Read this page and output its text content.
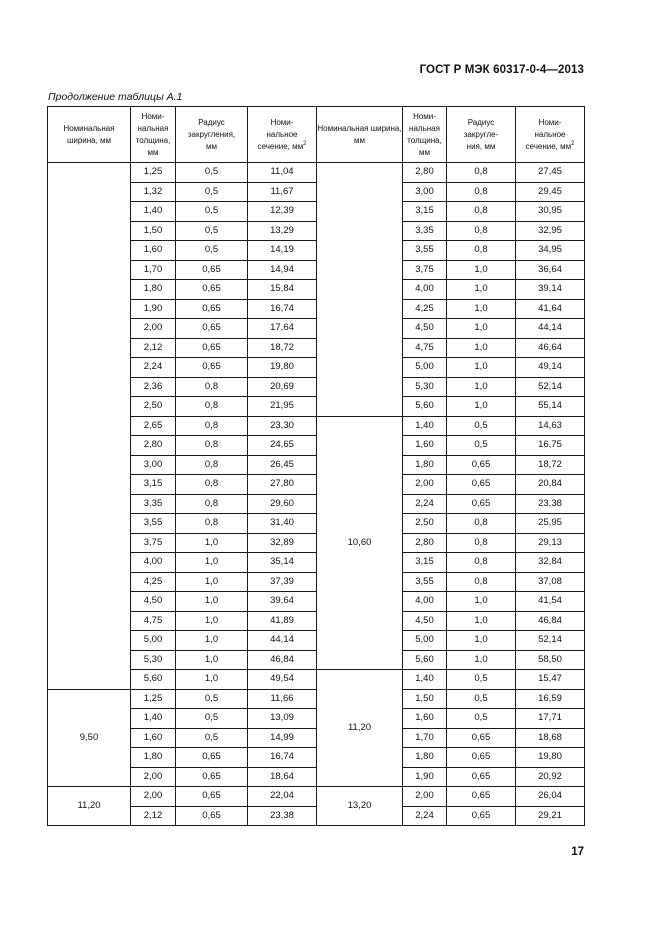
ГОСТ Р МЭК 60317-0-4—2013
Продолжение таблицы А.1
Номинальная ширина, мм	Номи-
нальная
толщина,
мм	Радиус
закругления,
мм	Номи-
нальное
сечение, $мм^2$	Номинальная ширина, мм	Номи-
нальная
толщина,
мм	Радиус
закругле-
ния, мм	Номи-
нальное
сечение, $мм^2$
	1,25	0,5	11,04		2,80	0,8	27,45
	1,32	0,5	11,67		3,00	0,8	29,45
	1,40	0,5	12,39		3,15	0,8	30,95
	1,50	0,5	13,29		3,35	0,8	32,95
	1,60	0,5	14,19		3,55	0,8	34,95
	1,70	0,65	14,94		3,75	1,0	36,64
	1,80	0,65	15,84		4,00	1,0	39,14
	1,90	0,65	16,74		4,25	1,0	41,64
	2,00	0,65	17,64		4,50	1,0	44,14
	2,12	0,65	18,72		4,75	1,0	46,64
	2,24	0,65	19,80		5,00	1,0	49,14
	2,36	0,8	20,69		5,30	1,0	52,14
	2,50	0,8	21,95		5,60	1,0	55,14
	2,65	0,8	23,30	10,60	1,40	0,5	14,63
	2,80	0,8	24,65		1,60	0,5	16,75
	3,00	0,8	26,45		1,80	0,65	18,72
	3,15	0,8	27,80		2,00	0,65	20,84
	3,35	0,8	29,60		2,24	0,65	23,38
	3,55	0,8	31,40		2,50	0,8	25,95
	3,75	1,0	32,89		2,80	0,8	29,13
	4,00	1,0	35,14		3,15	0,8	32,84
	4,25	1,0	37,39		3,55	0,8	37,08
	4,50	1,0	39,64		4,00	1,0	41,54
	4,75	1,0	41,89		4,50	1,0	46,84
	5,00	1,0	44,14		5,00	1,0	52,14
	5,30	1,0	46,84		5,60	1,0	58,50
	5,60	1,0	49,54	11,20	1,40	0,5	15,47
9,50	1,25	0,5	11,66		1,50	0,5	16,59
	1,40	0,5	13,09		1,60	0,5	17,71
	1,60	0,5	14,99		1,70	0,65	18,68
	1,80	0,65	16,74		1,80	0,65	19,80
	2,00	0,65	18,64		1,90	0,65	20,92
11,20	2,00	0,65	22,04	13,20	2,00	0,65	26,04
	2,12	0,65	23,38		2,24	0,65	29,21
17
